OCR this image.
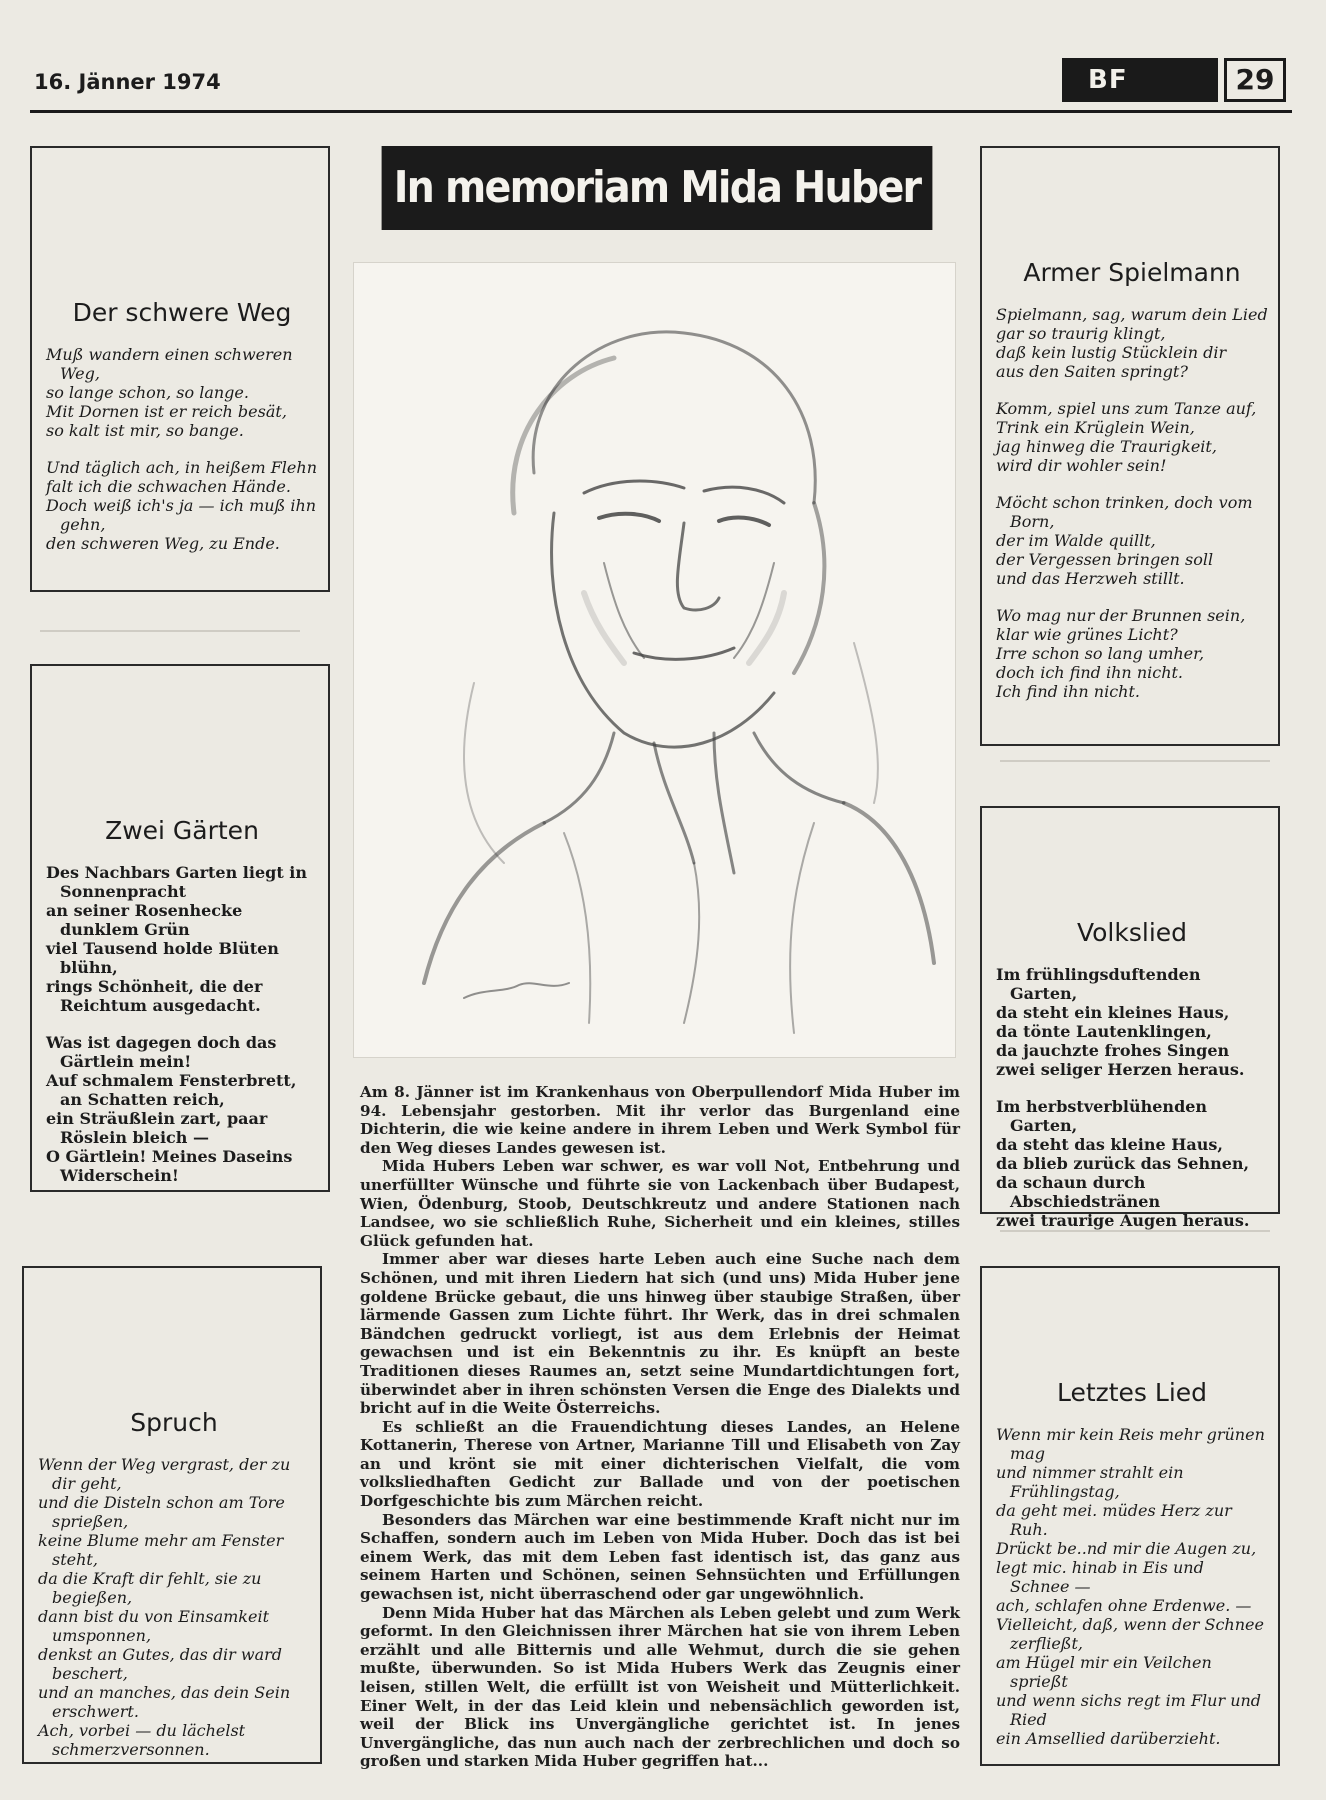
16. Jänner 1974	BF	29
Der schwere Weg
Muß wandern einen schweren Weg,
so lange schon, so lange.
Mit Dornen ist er reich besät,
so kalt ist mir, so bange.
Und täglich ach, in heißem Flehn
falt ich die schwachen Hände.
Doch weiß ich's ja — ich muß ihn gehn,
den schweren Weg, zu Ende.
Zwei Gärten
Des Nachbars Garten liegt in Sonnenpracht
an seiner Rosenhecke dunklem Grün
viel Tausend holde Blüten blühn,
rings Schönheit, die der Reichtum ausgedacht.
Was ist dagegen doch das Gärtlein mein!
Auf schmalem Fensterbrett, an Schatten reich,
ein Sträußlein zart, paar Röslein bleich —
O Gärtlein! Meines Daseins Widerschein!
Spruch
Wenn der Weg vergrast, der zu dir geht,
und die Disteln schon am Tore sprießen,
keine Blume mehr am Fenster steht,
da die Kraft dir fehlt, sie zu begießen,
dann bist du von Einsamkeit umsponnen,
denkst an Gutes, das dir ward beschert,
und an manches, das dein Sein erschwert.
Ach, vorbei — du lächelst schmerzversonnen.
In memoriam Mida Huber

Am 8. Jänner ist im Krankenhaus von Oberpullendorf Mida Huber im 94. Lebensjahr gestorben. Mit ihr verlor das Burgenland eine Dichterin, die wie keine andere in ihrem Leben und Werk Symbol für den Weg dieses Landes gewesen ist.

Mida Hubers Leben war schwer, es war voll Not, Entbehrung und unerfüllter Wünsche und führte sie von Lackenbach über Budapest, Wien, Ödenburg, Stoob, Deutschkreutz und andere Stationen nach Landsee, wo sie schließlich Ruhe, Sicherheit und ein kleines, stilles Glück gefunden hat.

Immer aber war dieses harte Leben auch eine Suche nach dem Schönen, und mit ihren Liedern hat sich (und uns) Mida Huber jene goldene Brücke gebaut, die uns hinweg über staubige Straßen, über lärmende Gassen zum Lichte führt. Ihr Werk, das in drei schmalen Bändchen gedruckt vorliegt, ist aus dem Erlebnis der Heimat gewachsen und ist ein Bekenntnis zu ihr. Es knüpft an beste Traditionen dieses Raumes an, setzt seine Mundartdichtungen fort, überwindet aber in ihren schönsten Versen die Enge des Dialekts und bricht auf in die Weite Österreichs.

Es schließt an die Frauendichtung dieses Landes, an Helene Kottanerin, Therese von Artner, Marianne Till und Elisabeth von Zay an und krönt sie mit einer dichterischen Vielfalt, die vom volksliedhaften Gedicht zur Ballade und von der poetischen Dorfgeschichte bis zum Märchen reicht.

Besonders das Märchen war eine bestimmende Kraft nicht nur im Schaffen, sondern auch im Leben von Mida Huber. Doch das ist bei einem Werk, das mit dem Leben fast identisch ist, das ganz aus seinem Harten und Schönen, seinen Sehnsüchten und Erfüllungen gewachsen ist, nicht überraschend oder gar ungewöhnlich.

Denn Mida Huber hat das Märchen als Leben gelebt und zum Werk geformt. In den Gleichnissen ihrer Märchen hat sie von ihrem Leben erzählt und alle Bitternis und alle Wehmut, durch die sie gehen mußte, überwunden. So ist Mida Hubers Werk das Zeugnis einer leisen, stillen Welt, die erfüllt ist von Weisheit und Mütterlichkeit. Einer Welt, in der das Leid klein und nebensächlich geworden ist, weil der Blick ins Unvergängliche gerichtet ist. In jenes Unvergängliche, das nun auch nach der zerbrechlichen und doch so großen und starken Mida Huber gegriffen hat...

Armer Spielmann
Spielmann, sag, warum dein Lied
gar so traurig klingt,
daß kein lustig Stücklein dir
aus den Saiten springt?
Komm, spiel uns zum Tanze auf,
Trink ein Krüglein Wein,
jag hinweg die Traurigkeit,
wird dir wohler sein!
Möcht schon trinken, doch vom Born,
der im Walde quillt,
der Vergessen bringen soll
und das Herzweh stillt.
Wo mag nur der Brunnen sein,
klar wie grünes Licht?
Irre schon so lang umher,
doch ich find ihn nicht.
Ich find ihn nicht.
Volkslied
Im frühlingsduftenden Garten,
da steht ein kleines Haus,
da tönte Lautenklingen,
da jauchzte frohes Singen
zwei seliger Herzen heraus.
Im herbstverblühenden Garten,
da steht das kleine Haus,
da blieb zurück das Sehnen,
da schaun durch Abschiedstränen
zwei traurige Augen heraus.
Letztes Lied
Wenn mir kein Reis mehr grünen mag
und nimmer strahlt ein Frühlingstag,
da geht mei. müdes Herz zur Ruh.
Drückt be..nd mir die Augen zu,
legt mic. hinab in Eis und Schnee —
ach, schlafen ohne Erdenwe. —
Vielleicht, daß, wenn der Schnee zerfließt,
am Hügel mir ein Veilchen sprießt
und wenn sichs regt im Flur und Ried
ein Amsellied darüberzieht.
